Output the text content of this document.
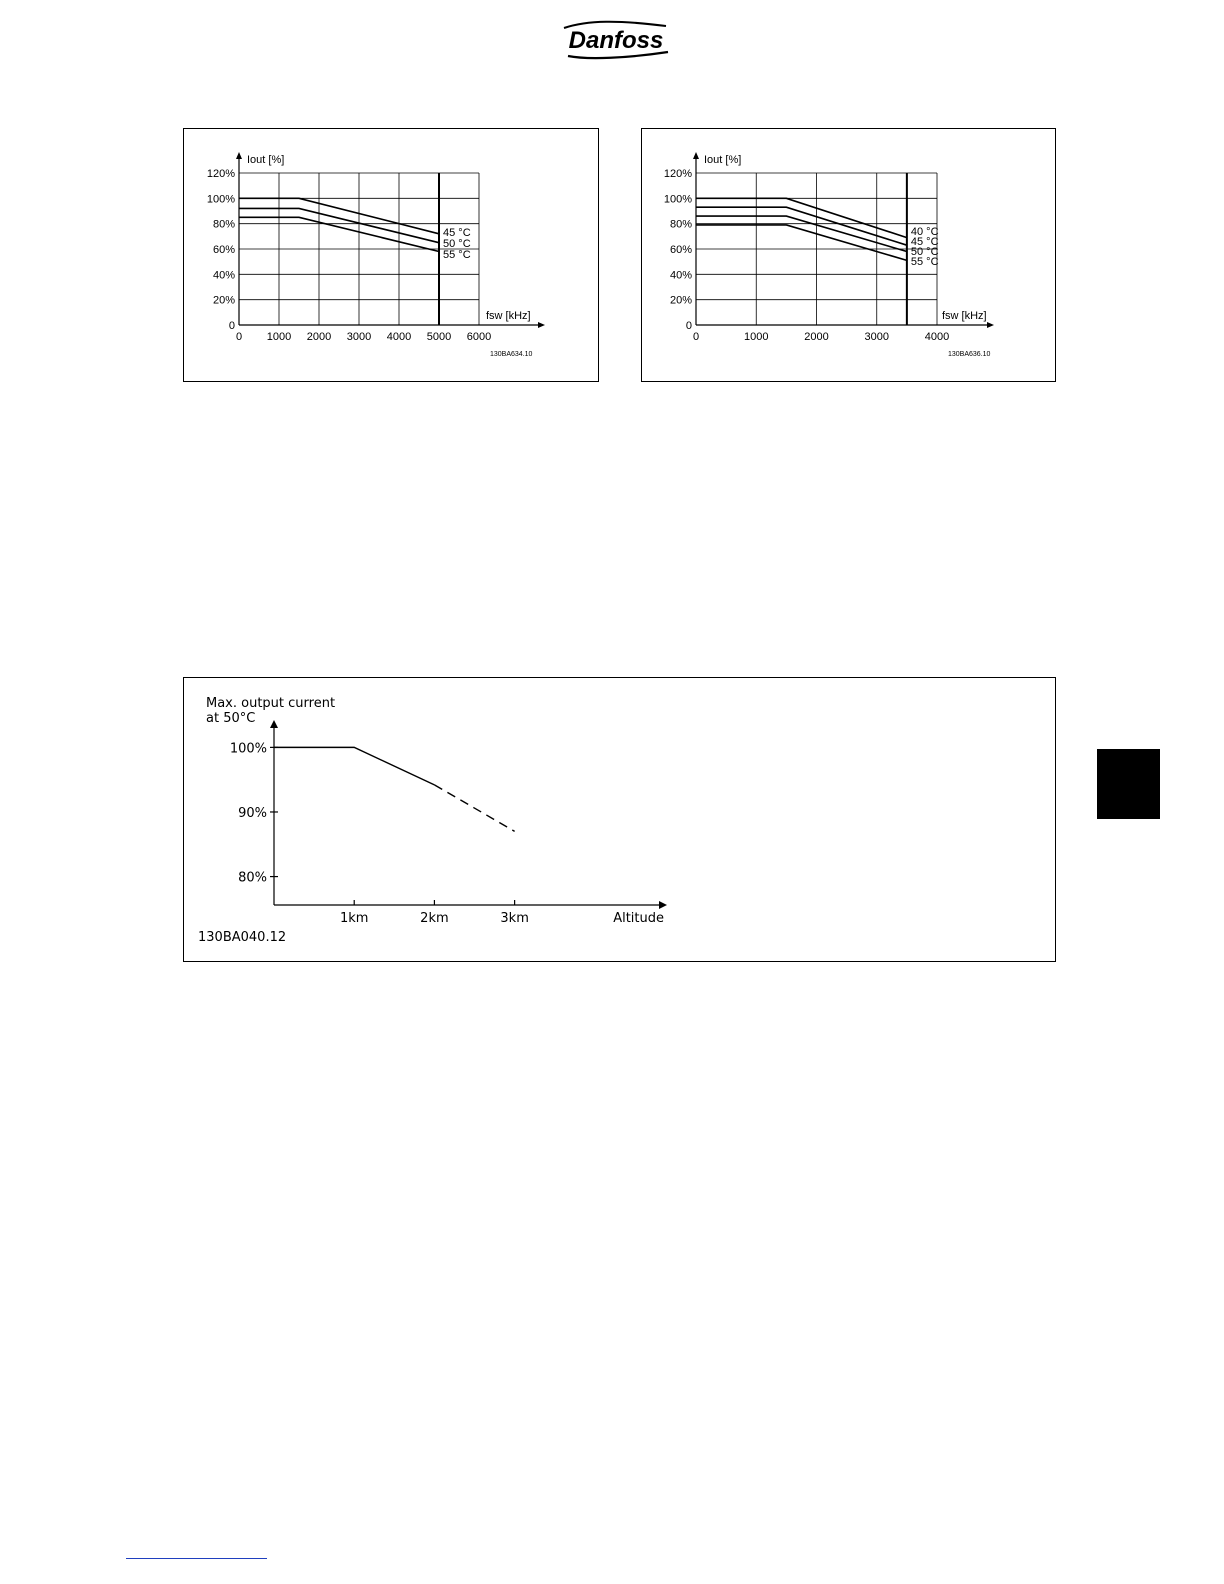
Danfoss
0 1000 2000 3000 4000 5000 6000
0
20%
40%
60%
80%
100%
120%
Iout [%]
fsw [kHz]
45 °C
50 °C
55 °C
130BA634.10
0	1000	2000	3000	4000
0
20%
40%
60%
80%
100%
120%
Iout [%]
fsw [kHz]
40 °C
45 °C
50 °C
55 °C
130BA636.10
1km	2km	3km
80%
90%
100%
Max. output current
at 50°C
Altitude
130BA040.12
